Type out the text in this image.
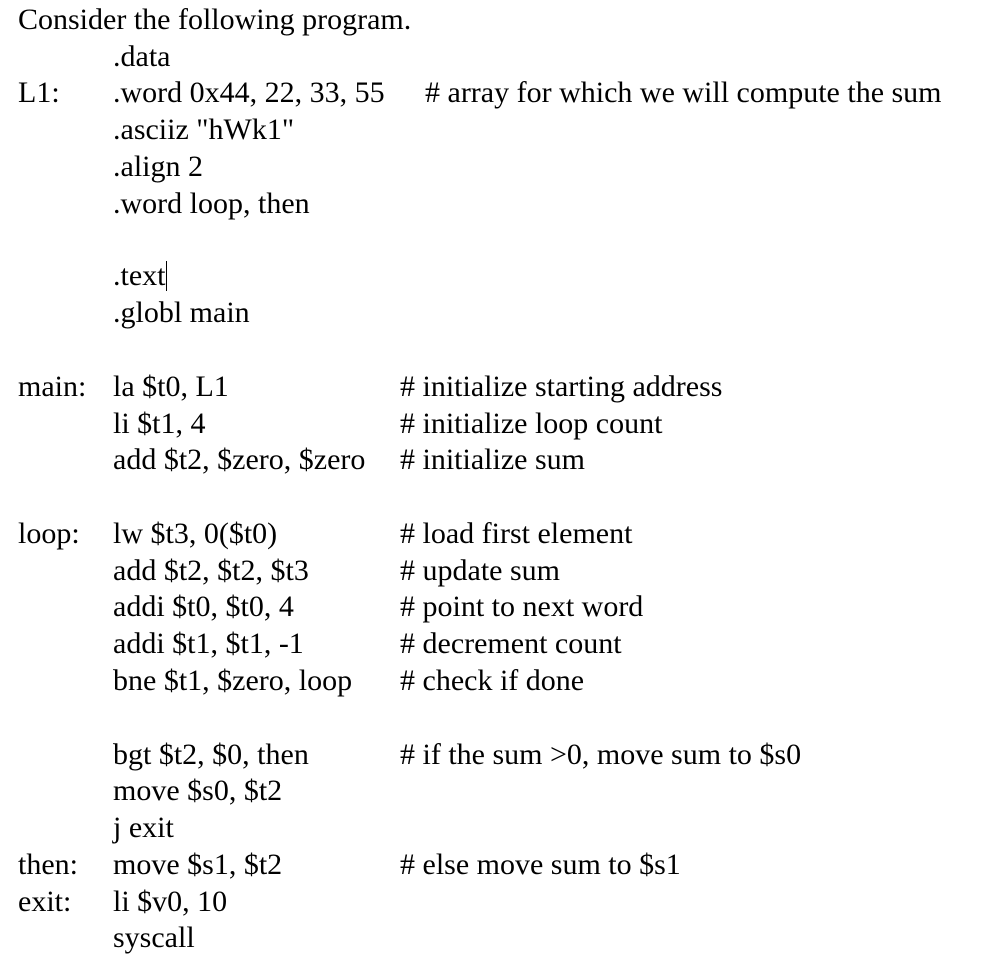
Consider the following program.
.data
L1: .word 0x44, 22, 33, 55 # array for which we will compute the sum
.asciiz "hWk1"
.align 2
.word loop, then
.text
.globl main
main: la $t0, L1	# initialize starting address
li $t1, 4	# initialize loop count
add $t2, $zero, $zero # initialize sum
loop: lw $t3, 0($t0)	# load first element
add $t2, $t2, $t3	# update sum
addi $t0, $t0, 4	# point to next word
addi $t1, $t1, -1	# decrement count
bne $t1, $zero, loop # check if done
bgt $t2, $0, then	# if the sum >0, move sum to $s0
move $s0, $t2
j exit
then: move $s1, $t2	# else move sum to $s1
exit: li $v0, 10
syscall
